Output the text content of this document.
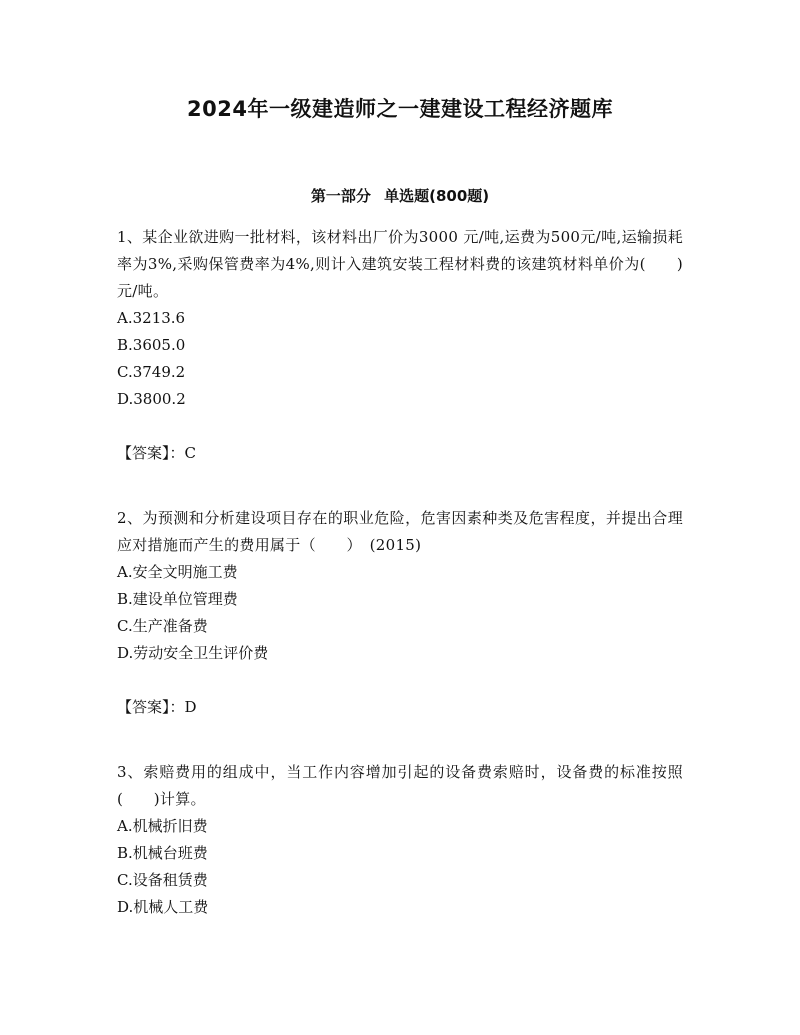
2024年一级建造师之一建建设工程经济题库
第一部分 单选题(800题)

1、某企业欲进购一批材料，该材料出厂价为3000 元/吨,运费为500元/吨,运输损耗率为3%,采购保管费率为4%,则计入建筑安装工程材料费的该建筑材料单价为(　　)元/吨。

A.3213.6

B.3605.0

C.3749.2

D.3800.2

【答案】：C

2、为预测和分析建设项目存在的职业危险，危害因素种类及危害程度，并提出合理应对措施而产生的费用属于（　　）　(2015)

A.安全文明施工费

B.建设单位管理费

C.生产准备费

D.劳动安全卫生评价费

【答案】：D

3、索赔费用的组成中，当工作内容增加引起的设备费索赔时，设备费的标准按照(　　)计算。

A.机械折旧费

B.机械台班费

C.设备租赁费

D.机械人工费
